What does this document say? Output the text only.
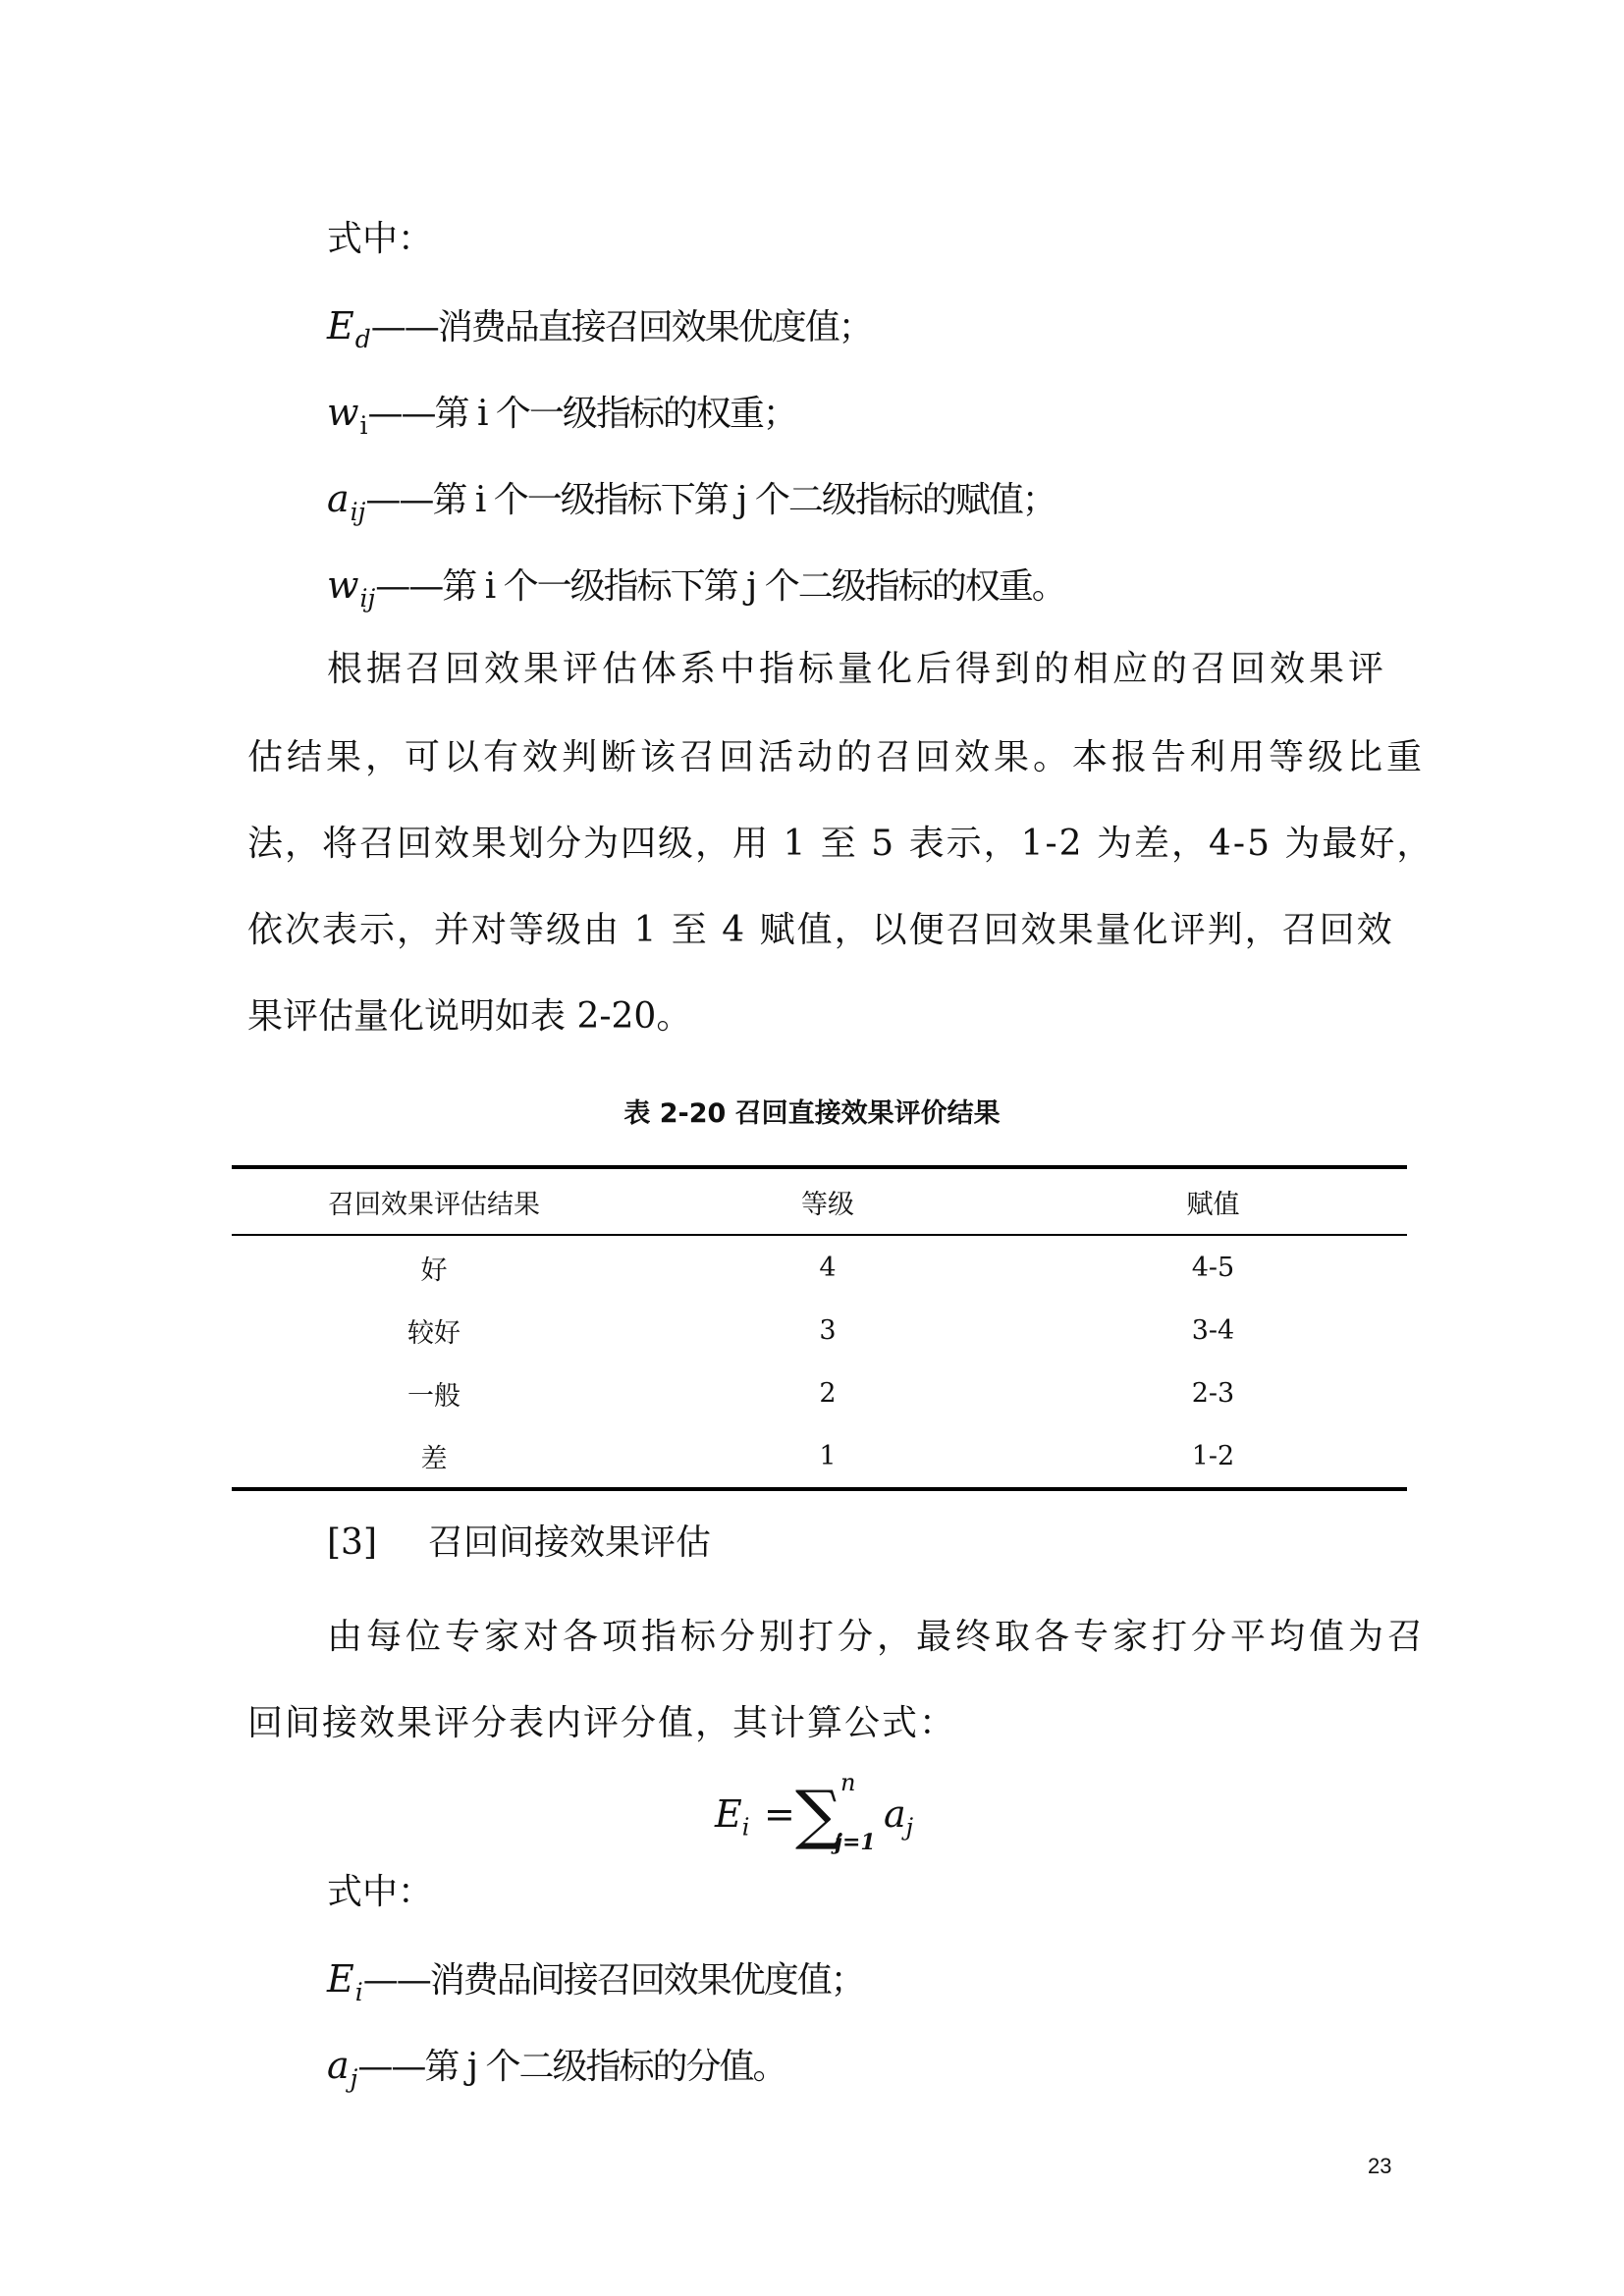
式中：
$E_d——$消费品直接召回效果优度值；
$w_i——$第 i 个一级指标的权重；
$a_{ij}——$第 i 个一级指标下第 j 个二级指标的赋值；
$w_{ij}——$第 i 个一级指标下第 j 个二级指标的权重。
根据召回效果评估体系中指标量化后得到的相应的召回效果评
估结果，可以有效判断该召回活动的召回效果。本报告利用等级比重
法，将召回效果划分为四级，用 1 至 5 表示，1-2 为差，4-5 为最好，
依次表示，并对等级由 1 至 4 赋值，以便召回效果量化评判，召回效
果评估量化说明如表 2-20。
表 2-20 召回直接效果评价结果
召回效果评估结果	等级	赋值
好	4	4-5
较好	3	3-4
一般	2	2-3
差	1	1-2
[3] 召回间接效果评估
由每位专家对各项指标分别打分，最终取各专家打分平均值为召
回间接效果评分表内评分值，其计算公式：
$E_i$ = ∑
n
j=1
$a_j$
式中：
$E_i——$消费品间接召回效果优度值；
$a_j——$第 j 个二级指标的分值。
23
